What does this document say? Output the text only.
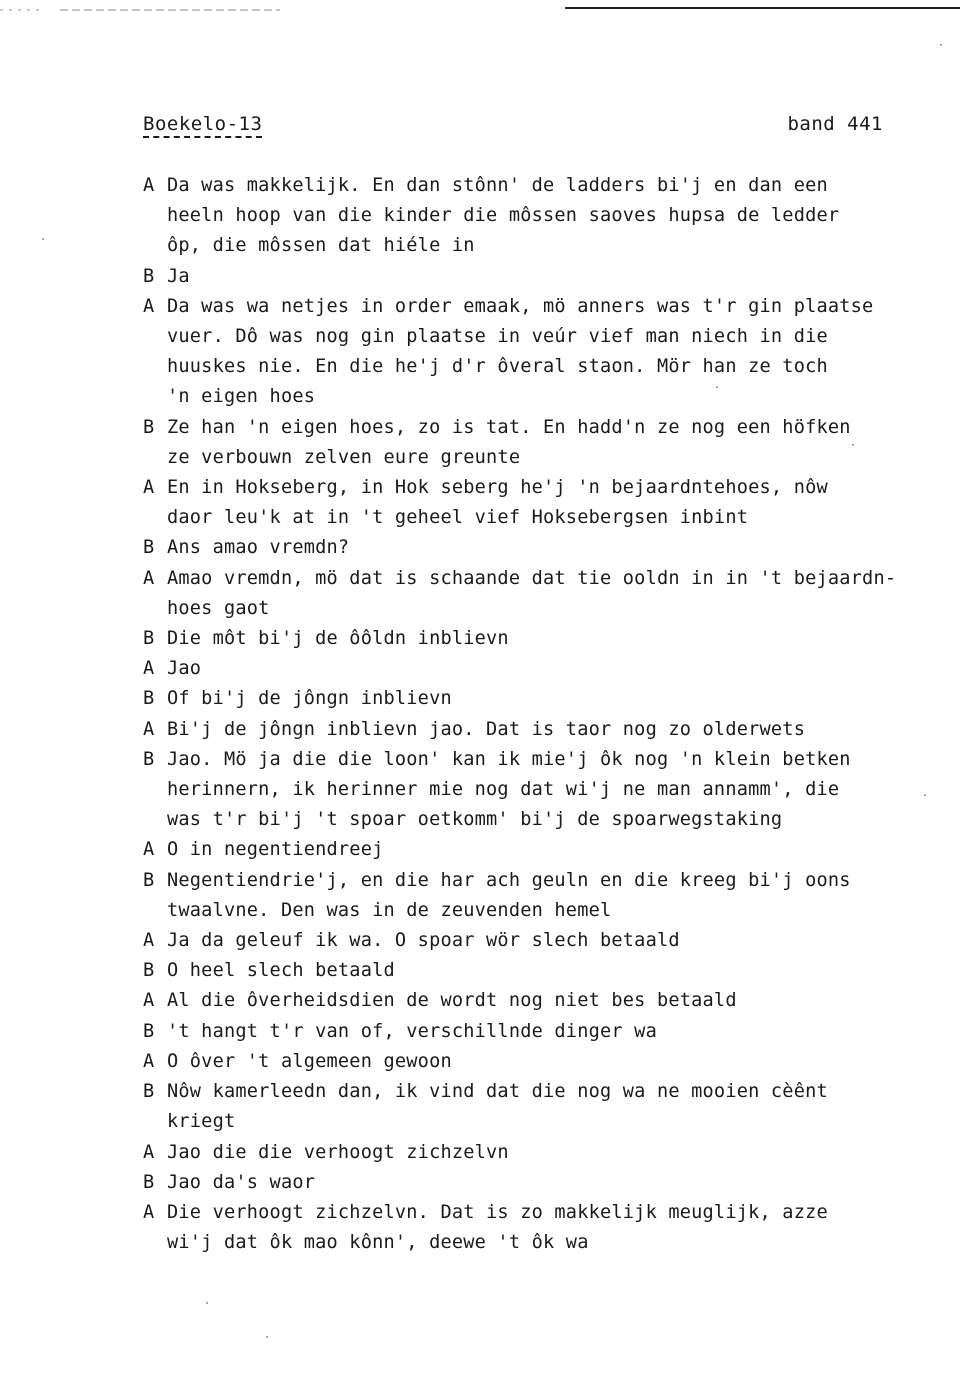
Boekelo-13	band 441
A Da was makkelijk. En dan stônn' de ladders bi'j en dan een
heeln hoop van die kinder die môssen saoves hupsa de ledder
ôp, die môssen dat hiéle in
B Ja
A Da was wa netjes in order emaak, mö anners was t'r gin plaatse
vuer. Dô was nog gin plaatse in veúr vief man niech in die
huuskes nie. En die he'j d'r ôveral staon. Mör han ze toch
'n eigen hoes
B Ze han 'n eigen hoes, zo is tat. En hadd'n ze nog een höfken
ze verbouwn zelven eure greunte
A En in Hokseberg, in Hok seberg he'j 'n bejaardntehoes, nôw
daor leu'k at in 't geheel vief Hoksebergsen inbint
B Ans amao vremdn?
A Amao vremdn, mö dat is schaande dat tie ooldn in in 't bejaardn-
hoes gaot
B Die môt bi'j de ôôldn inblievn
A Jao
B Of bi'j de jôngn inblievn
A Bi'j de jôngn inblievn jao. Dat is taor nog zo olderwets
B Jao. Mö ja die die loon' kan ik mie'j ôk nog 'n klein betken
herinnern, ik herinner mie nog dat wi'j ne man annamm', die
was t'r bi'j 't spoar oetkomm' bi'j de spoarwegstaking
A O in negentiendreej
B Negentiendrie'j, en die har ach geuln en die kreeg bi'j oons
twaalvne. Den was in de zeuvenden hemel
A Ja da geleuf ik wa. O spoar wör slech betaald
B O heel slech betaald
A Al die ôverheidsdien de wordt nog niet bes betaald
B 't hangt t'r van of, verschillnde dinger wa
A O ôver 't algemeen gewoon
B Nôw kamerleedn dan, ik vind dat die nog wa ne mooien cèênt
kriegt
A Jao die die verhoogt zichzelvn
B Jao da's waor
A Die verhoogt zichzelvn. Dat is zo makkelijk meuglijk, azze
wi'j dat ôk mao kônn', deewe 't ôk wa
